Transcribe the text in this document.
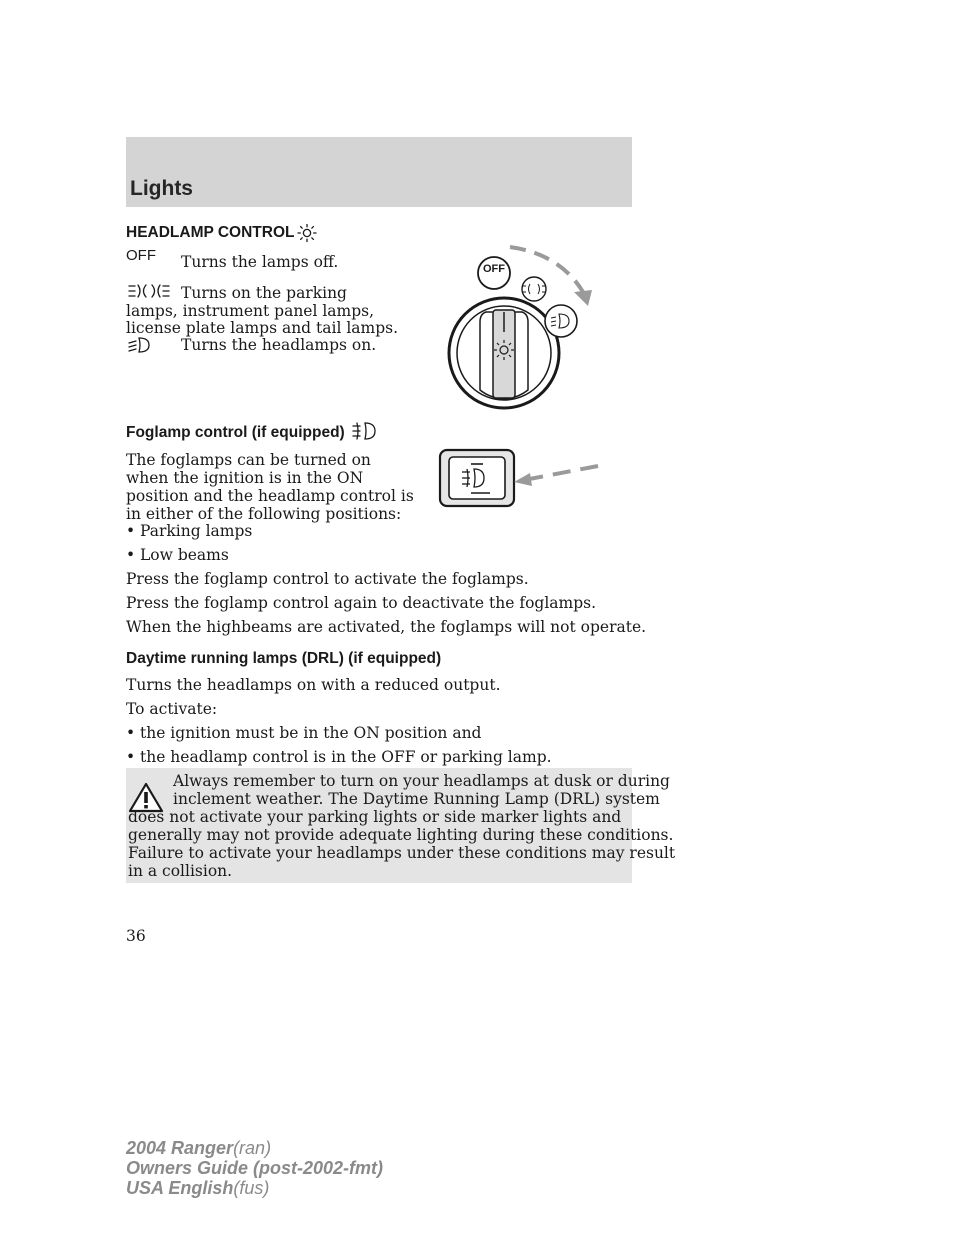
Lights
HEADLAMP CONTROL
OFF Turns the lamps off.
Turns on the parking
lamps, instrument panel lamps,
license plate lamps and tail lamps.
Turns the headlamps on.
OFF
Foglamp control (if equipped)
The foglamps can be turned on
when the ignition is in the ON
position and the headlamp control is
in either of the following positions:
• Parking lamps
• Low beams
Press the foglamp control to activate the foglamps.
Press the foglamp control again to deactivate the foglamps.
When the highbeams are activated, the foglamps will not operate.
Daytime running lamps (DRL) (if equipped)
Turns the headlamps on with a reduced output.
To activate:
• the ignition must be in the ON position and
• the headlamp control is in the OFF or parking lamp.
Always remember to turn on your headlamps at dusk or during
inclement weather. The Daytime Running Lamp (DRL) system
does not activate your parking lights or side marker lights and
generally may not provide adequate lighting during these conditions.
Failure to activate your headlamps under these conditions may result
in a collision.
36
2004 Ranger(ran)
Owners Guide (post-2002-fmt)
USA English(fus)
